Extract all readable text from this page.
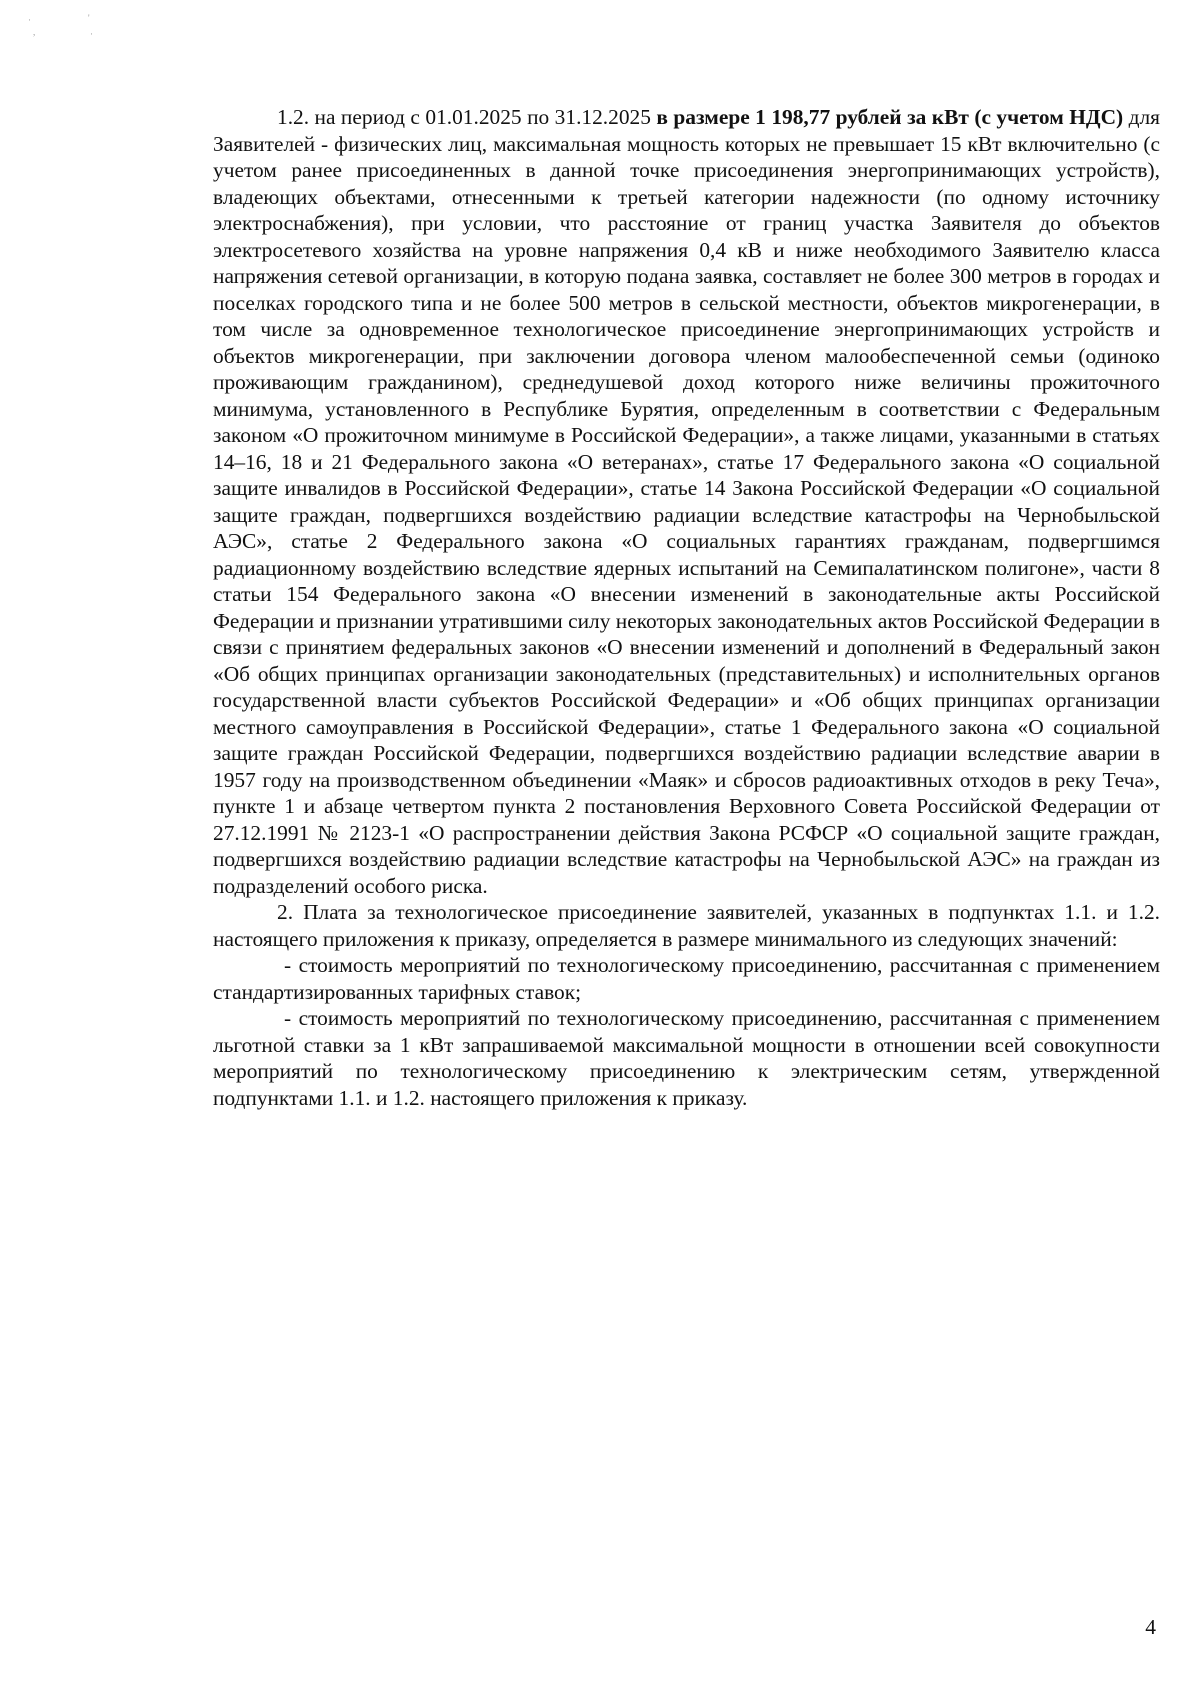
·	'
,	·

1.2. на период с 01.01.2025 по 31.12.2025 в размере 1 198,77 рублей за кВт (с учетом НДС) для Заявителей - физических лиц, максимальная мощность которых не превышает 15 кВт включительно (с учетом ранее присоединенных в данной точке присоединения энергопринимающих устройств), владеющих объектами, отнесенными к третьей категории надежности (по одному источнику электроснабжения), при условии, что расстояние от границ участка Заявителя до объектов электросетевого хозяйства на уровне напряжения 0,4 кВ и ниже необходимого Заявителю класса напряжения сетевой организации, в которую подана заявка, составляет не более 300 метров в городах и поселках городского типа и не более 500 метров в сельской местности, объектов микрогенерации, в том числе за одновременное технологическое присоединение энергопринимающих устройств и объектов микрогенерации, при заключении договора членом малообеспеченной семьи (одиноко проживающим гражданином), среднедушевой доход которого ниже величины прожиточного минимума, установленного в Республике Бурятия, определенным в соответствии с Федеральным законом «О прожиточном минимуме в Российской Федерации», а также лицами, указанными в статьях 14–16, 18 и 21 Федерального закона «О ветеранах», статье 17 Федерального закона «О социальной защите инвалидов в Российской Федерации», статье 14 Закона Российской Федерации «О социальной защите граждан, подвергшихся воздействию радиации вследствие катастрофы на Чернобыльской АЭС», статье 2 Федерального закона «О социальных гарантиях гражданам, подвергшимся радиационному воздействию вследствие ядерных испытаний на Семипалатинском полигоне», части 8 статьи 154 Федерального закона «О внесении изменений в законодательные акты Российской Федерации и признании утратившими силу некоторых законодательных актов Российской Федерации в связи с принятием федеральных законов «О внесении изменений и дополнений в Федеральный закон «Об общих принципах организации законодательных (представительных) и исполнительных органов государственной власти субъектов Российской Федерации» и «Об общих принципах организации местного самоуправления в Российской Федерации», статье 1 Федерального закона «О социальной защите граждан Российской Федерации, подвергшихся воздействию радиации вследствие аварии в 1957 году на производственном объединении «Маяк» и сбросов радиоактивных отходов в реку Теча», пункте 1 и абзаце четвертом пункта 2 постановления Верховного Совета Российской Федерации от 27.12.1991 № 2123-1 «О распространении действия Закона РСФСР «О социальной защите граждан, подвергшихся воздействию радиации вследствие катастрофы на Чернобыльской АЭС» на граждан из подразделений особого риска.

2. Плата за технологическое присоединение заявителей, указанных в подпунктах 1.1. и 1.2. настоящего приложения к приказу, определяется в размере минимального из следующих значений:

- стоимость мероприятий по технологическому присоединению, рассчитанная с применением стандартизированных тарифных ставок;

- стоимость мероприятий по технологическому присоединению, рассчитанная с применением льготной ставки за 1 кВт запрашиваемой максимальной мощности в отношении всей совокупности мероприятий по технологическому присоединению к электрическим сетям, утвержденной подпунктами 1.1. и 1.2. настоящего приложения к приказу.

4
